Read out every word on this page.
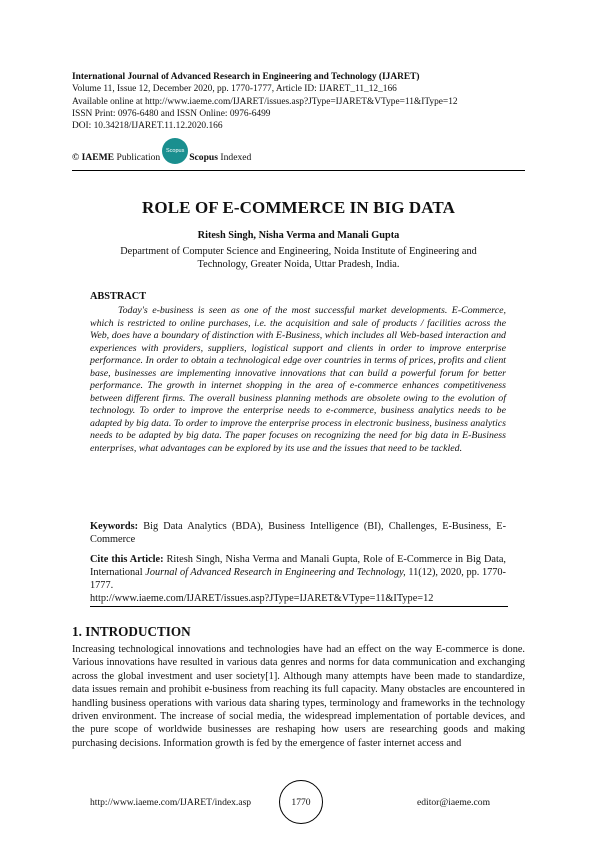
International Journal of Advanced Research in Engineering and Technology (IJARET)
Volume 11, Issue 12, December 2020, pp. 1770-1777, Article ID: IJARET_11_12_166
Available online at http://www.iaeme.com/IJARET/issues.asp?JType=IJARET&VType=11&IType=12
ISSN Print: 0976-6480 and ISSN Online: 0976-6499
DOI: 10.34218/IJARET.11.12.2020.166
© IAEME
Publication
Scopus
Scopus
Indexed
ROLE OF E-COMMERCE IN BIG DATA
Ritesh Singh, Nisha Verma and Manali Gupta
Department of Computer Science and Engineering, Noida Institute of Engineering and
Technology, Greater Noida, Uttar Pradesh, India.
ABSTRACT

Today's e-business is seen as one of the most successful market developments. E-Commerce, which is restricted to online purchases, i.e. the acquisition and sale of products / facilities across the Web, does have a boundary of distinction with E-Business, which includes all Web-based interaction and experiences with providers, suppliers, logistical support and clients in order to improve enterprise performance. In order to obtain a technological edge over countries in terms of prices, profits and client base, businesses are implementing innovative innovations that can build a powerful forum for better performance. The growth in internet shopping in the area of e-commerce enhances competitiveness between different firms. The overall business planning methods are obsolete owing to the evolution of technology. To order to improve the enterprise needs to e-commerce, business analytics needs to be adapted by big data. To order to improve the enterprise process in electronic business, business analytics needs to be adapted by big data. The paper focuses on recognizing the need for big data in E-Business enterprises, what advantages can be explored by its use and the issues that need to be tackled.

Keywords: Big Data Analytics (BDA), Business Intelligence (BI), Challenges, E-Business, E- Commerce
Cite this Article: Ritesh Singh, Nisha Verma and Manali Gupta, Role of E-Commerce in Big Data, International Journal of Advanced Research in Engineering and Technology, 11(12), 2020, pp. 1770-1777.
http://www.iaeme.com/IJARET/issues.asp?JType=IJARET&VType=11&IType=12
1. INTRODUCTION

Increasing technological innovations and technologies have had an effect on the way E-commerce is done. Various innovations have resulted in various data genres and norms for data communication and exchanging across the global investment and user society[1]. Although many attempts have been made to standardize, data issues remain and prohibit e-business from reaching its full capacity. Many obstacles are encountered in handling business operations with various data sharing types, terminology and frameworks in the technology driven environment. The increase of social media, the widespread implementation of portable devices, and the pure scope of worldwide businesses are reshaping how users are researching goods and making purchasing decisions. Information growth is fed by the emergence of faster internet access and

http://www.iaeme.com/IJARET/index.asp	1770	editor@iaeme.com
